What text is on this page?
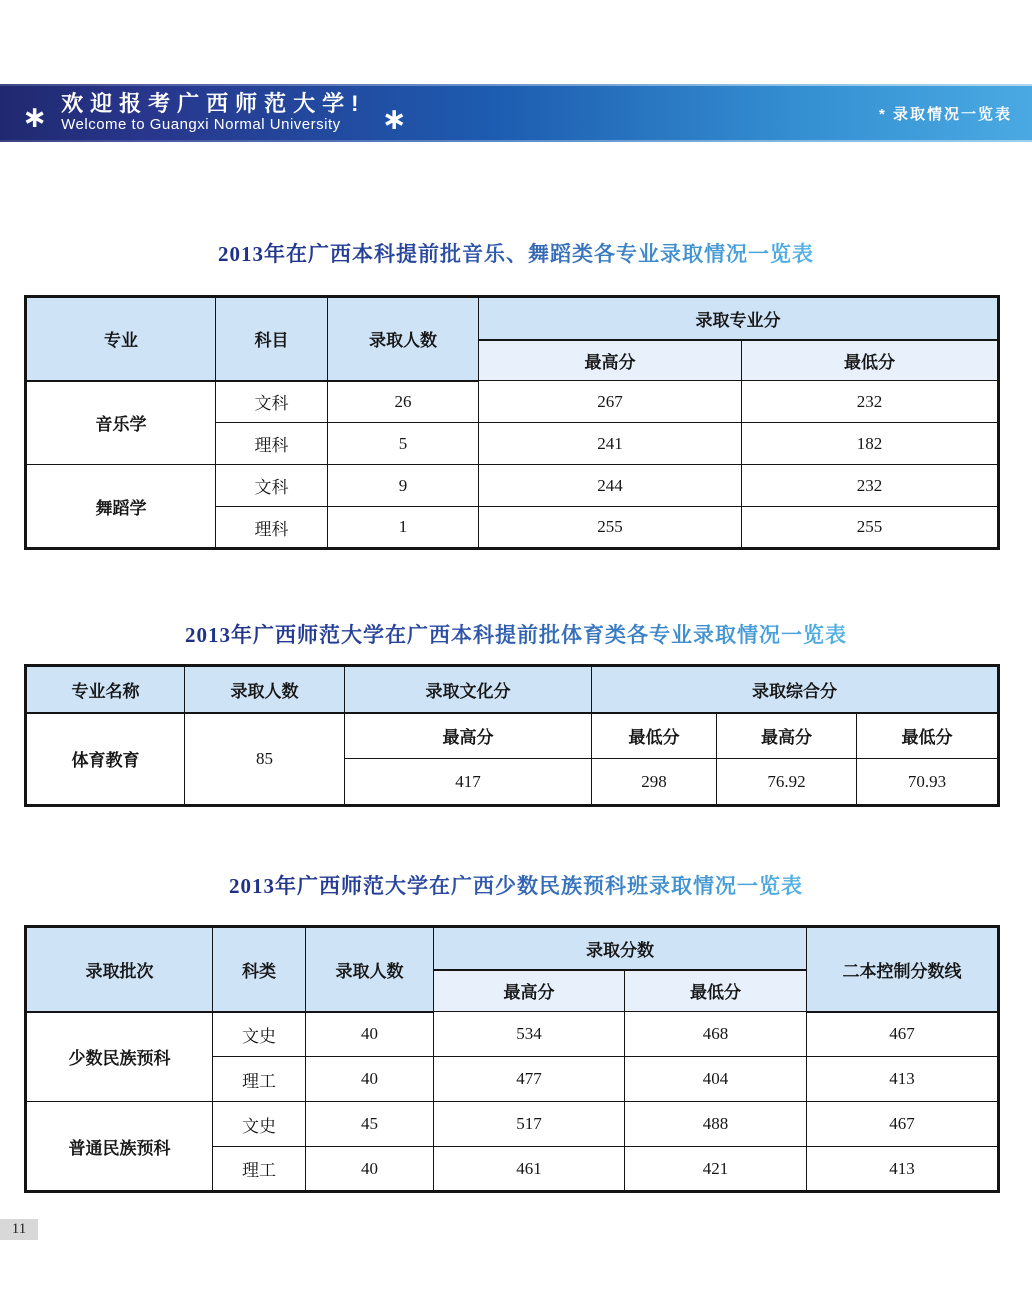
∗ 欢迎报考广西师范大学!
Welcome to Guangxi Normal University ∗	* 录取情况一览表
2013年在广西本科提前批音乐、舞蹈类各专业录取情况一览表
专业	科目	录取人数	录取专业分	
			最高分	最低分
音乐学	文科	26	267	232
	理科	5	241	182
舞蹈学	文科	9	244	232
	理科	1	255	255
2013年广西师范大学在广西本科提前批体育类各专业录取情况一览表
专业名称	录取人数	录取文化分	录取综合分		
体育教育	85	最高分	最低分	最高分	最低分
		417	298	76.92	70.93
2013年广西师范大学在广西少数民族预科班录取情况一览表
录取批次	科类	录取人数	录取分数		二本控制分数线
			最高分	最低分	
少数民族预科	文史	40	534	468	467
	理工	40	477	404	413
普通民族预科	文史	45	517	488	467
	理工	40	461	421	413
11
